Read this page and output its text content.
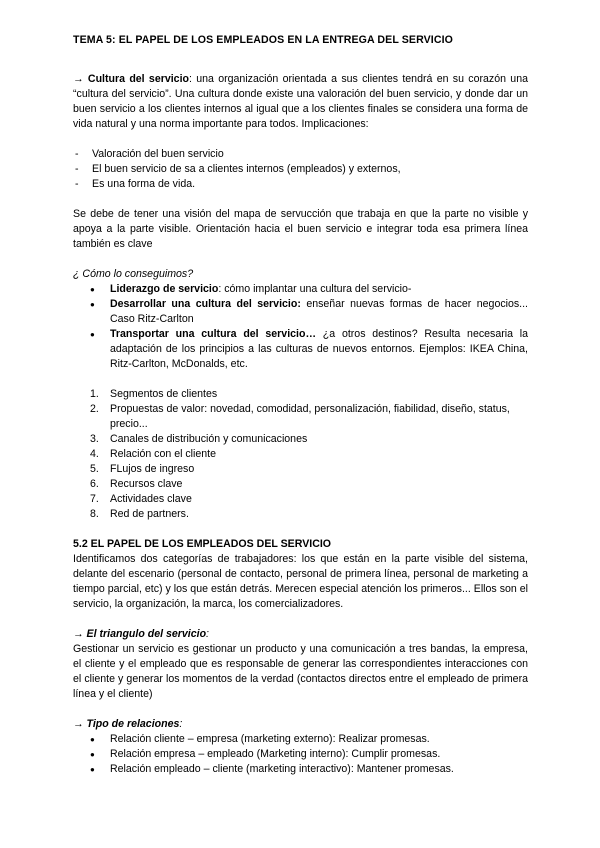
TEMA 5: EL PAPEL DE LOS EMPLEADOS EN LA ENTREGA DEL SERVICIO

→ Cultura del servicio: una organización orientada a sus clientes tendrá en su corazón una “cultura del servicio”. Una cultura donde existe una valoración del buen servicio, y donde dar un buen servicio a los clientes internos al igual que a los clientes finales se considera una forma de vida natural y una norma importante para todos. Implicaciones:

- Valoración del buen servicio
- El buen servicio de sa a clientes internos (empleados) y externos,
- Es una forma de vida.

Se debe de tener una visión del mapa de servucción que trabaja en que la parte no visible y apoya a la parte visible. Orientación hacia el buen servicio e integrar toda esa primera línea también es clave

¿ Cómo lo conseguimos?

● Liderazgo de servicio: cómo implantar una cultura del servicio-
● Desarrollar una cultura del servicio: enseñar nuevas formas de hacer negocios... Caso Ritz-Carlton
● Transportar una cultura del servicio… ¿a otros destinos? Resulta necesaria la adaptación de los principios a las culturas de nuevos entornos. Ejemplos: IKEA China, Ritz-Carlton, McDonalds, etc.
1. Segmentos de clientes
2. Propuestas de valor: novedad, comodidad, personalización, fiabilidad, diseño, status, precio...
3. Canales de distribución y comunicaciones
4. Relación con el cliente
5. FLujos de ingreso
6. Recursos clave
7. Actividades clave
8. Red de partners.

5.2 EL PAPEL DE LOS EMPLEADOS DEL SERVICIO

Identificamos dos categorías de trabajadores: los que están en la parte visible del sistema, delante del escenario (personal de contacto, personal de primera línea, personal de marketing a tiempo parcial, etc) y los que están detrás. Merecen especial atención los primeros... Ellos son el servicio, la organización, la marca, los comercializadores.

→ El triangulo del servicio:

Gestionar un servicio es gestionar un producto y una comunicación a tres bandas, la empresa, el cliente y el empleado que es responsable de generar las correspondientes interacciones con el cliente y generar los momentos de la verdad (contactos directos entre el empleado de primera línea y el cliente)

→ Tipo de relaciones:

● Relación cliente – empresa (marketing externo): Realizar promesas.
● Relación empresa – empleado (Marketing interno): Cumplir promesas.
● Relación empleado – cliente (marketing interactivo): Mantener promesas.
